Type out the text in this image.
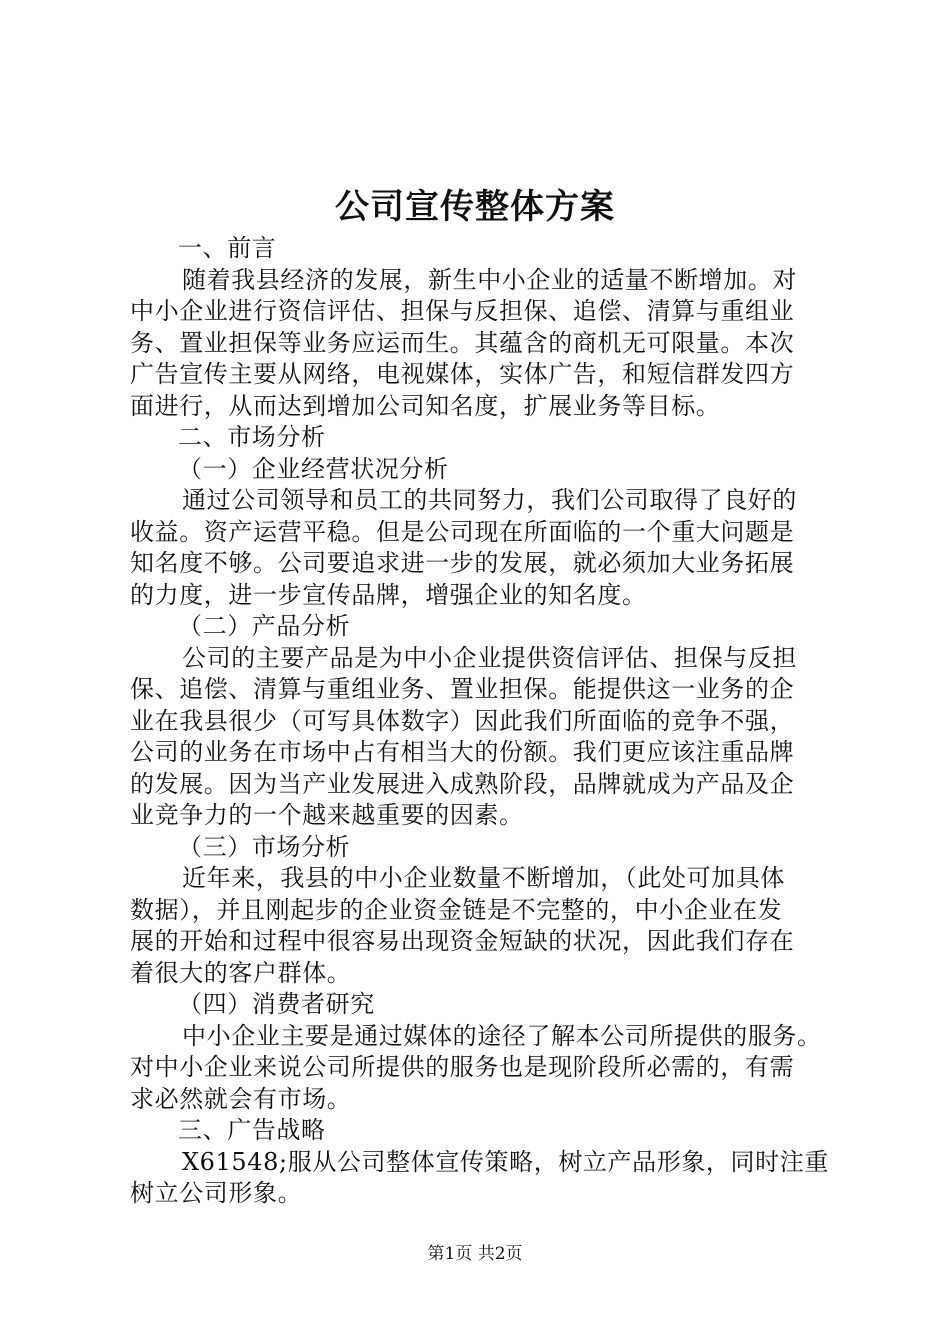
公司宣传整体方案
一、前言
随着我县经济的发展，新生中小企业的适量不断增加。对
中小企业进行资信评估、担保与反担保、追偿、清算与重组业
务、置业担保等业务应运而生。其蕴含的商机无可限量。本次
广告宣传主要从网络，电视媒体，实体广告，和短信群发四方
面进行，从而达到增加公司知名度，扩展业务等目标。
二、市场分析
（一）企业经营状况分析
通过公司领导和员工的共同努力，我们公司取得了良好的
收益。资产运营平稳。但是公司现在所面临的一个重大问题是
知名度不够。公司要追求进一步的发展，就必须加大业务拓展
的力度，进一步宣传品牌，增强企业的知名度。
（二）产品分析
公司的主要产品是为中小企业提供资信评估、担保与反担
保、追偿、清算与重组业务、置业担保。能提供这一业务的企
业在我县很少（可写具体数字）因此我们所面临的竞争不强，
公司的业务在市场中占有相当大的份额。我们更应该注重品牌
的发展。因为当产业发展进入成熟阶段，品牌就成为产品及企
业竞争力的一个越来越重要的因素。
（三）市场分析
近年来，我县的中小企业数量不断增加，（此处可加具体
数据），并且刚起步的企业资金链是不完整的，中小企业在发
展的开始和过程中很容易出现资金短缺的状况，因此我们存在
着很大的客户群体。
（四）消费者研究
中小企业主要是通过媒体的途径了解本公司所提供的服务。
对中小企业来说公司所提供的服务也是现阶段所必需的，有需
求必然就会有市场。
三、广告战略
X61548;服从公司整体宣传策略，树立产品形象，同时注重
树立公司形象。
第1页 共2页
